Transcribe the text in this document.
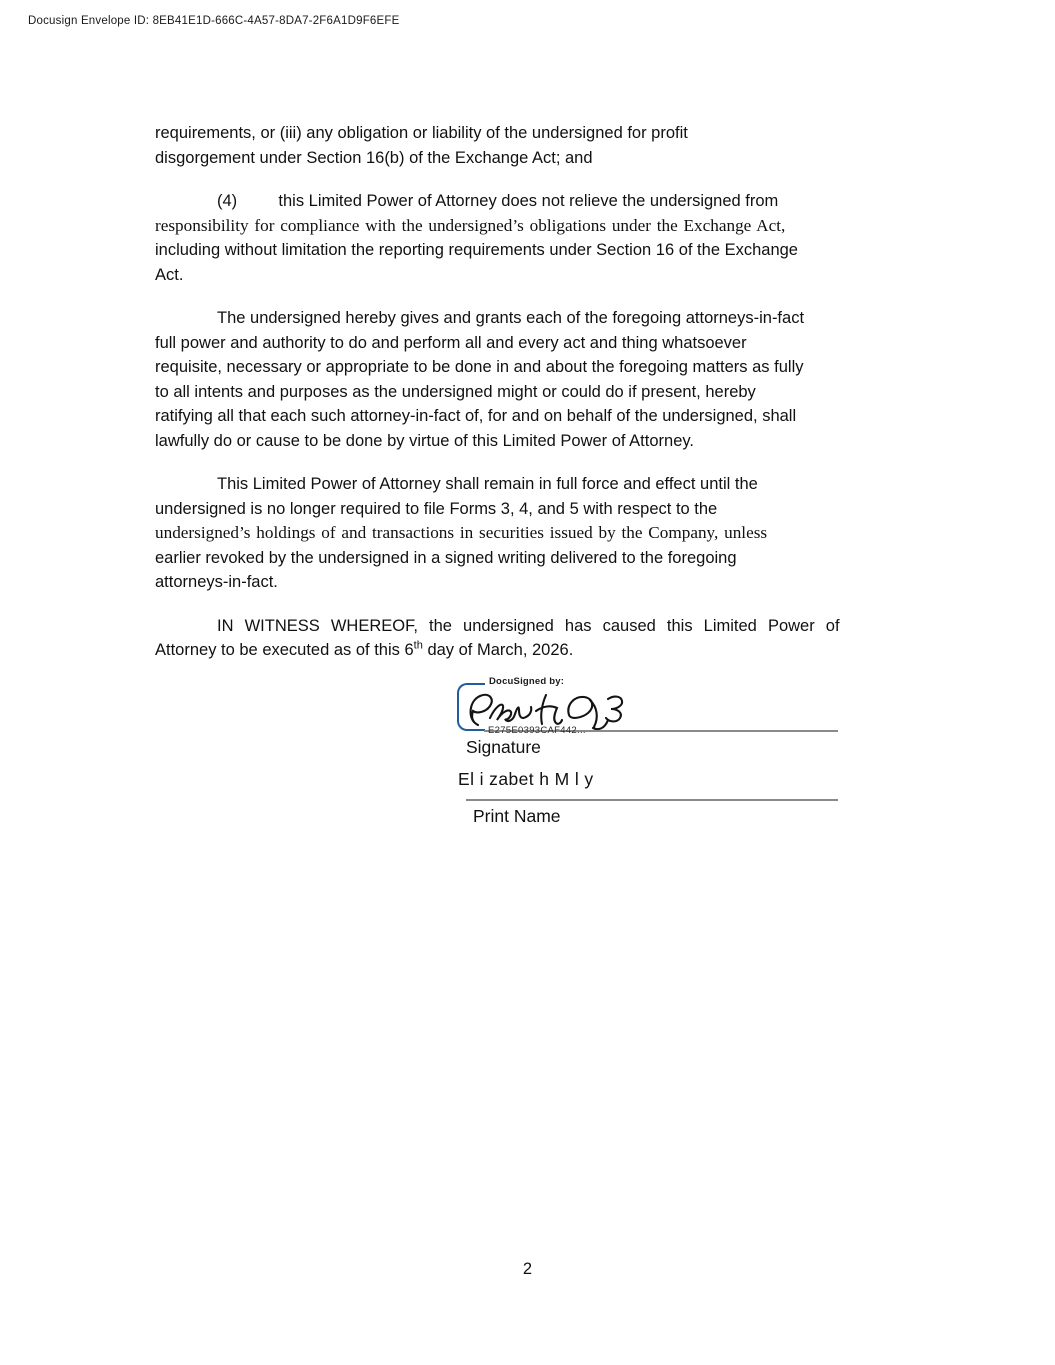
Docusign Envelope ID: 8EB41E1D-666C-4A57-8DA7-2F6A1D9F6EFE

requirements, or (iii) any obligation or liability of the undersigned for profit
disgorgement under Section 16(b) of the Exchange Act; and

(4)         this Limited Power of Attorney does not relieve the undersigned from
responsibility for compliance with the undersigned’s obligations under the Exchange Act,
including without limitation the reporting requirements under Section 16 of the Exchange
Act.

The undersigned hereby gives and grants each of the foregoing attorneys-in-fact
full power and authority to do and perform all and every act and thing whatsoever
requisite, necessary or appropriate to be done in and about the foregoing matters as fully
to all intents and purposes as the undersigned might or could do if present, hereby
ratifying all that each such attorney-in-fact of, for and on behalf of the undersigned, shall
lawfully do or cause to be done by virtue of this Limited Power of Attorney.

This Limited Power of Attorney shall remain in full force and effect until the
undersigned is no longer required to file Forms 3, 4, and 5 with respect to the
undersigned’s holdings of and transactions in securities issued by the Company, unless
earlier revoked by the undersigned in a signed writing delivered to the foregoing
attorneys-in-fact.

IN WITNESS WHEREOF, the undersigned has caused this Limited Power of
Attorney to be executed as of this 6th day of March, 2026.

DocuSigned by:
E275E0393CAF442...
Signature
El i zabet h M l y
Print Name
2
